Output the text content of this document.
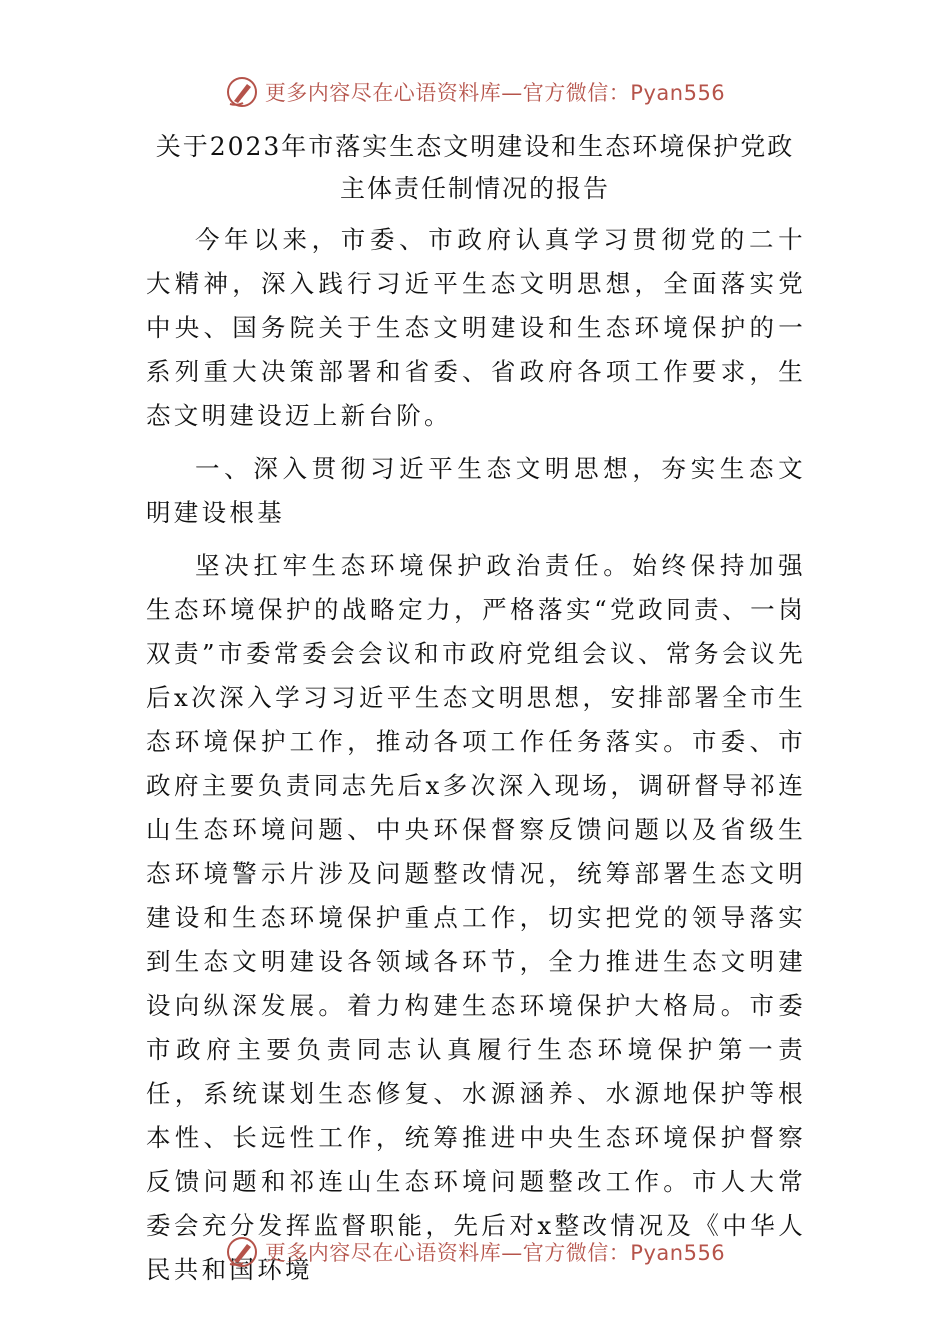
更多内容尽在心语资料库—官方微信：Pyan556
关于2023年市落实生态文明建设和生态环境保护党政主体责任制情况的报告

今年以来，市委、市政府认真学习贯彻党的二十大精神，深入践行习近平生态文明思想，全面落实党中央、国务院关于生态文明建设和生态环境保护的一系列重大决策部署和省委、省政府各项工作要求，生态文明建设迈上新台阶。

一、深入贯彻习近平生态文明思想，夯实生态文明建设根基

坚决扛牢生态环境保护政治责任。始终保持加强生态环境保护的战略定力，严格落实“党政同责、一岗双责”市委常委会会议和市政府党组会议、常务会议先后x次深入学习习近平生态文明思想，安排部署全市生态环境保护工作，推动各项工作任务落实。市委、市政府主要负责同志先后x多次深入现场，调研督导祁连山生态环境问题、中央环保督察反馈问题以及省级生态环境警示片涉及问题整改情况，统筹部署生态文明建设和生态环境保护重点工作，切实把党的领导落实到生态文明建设各领域各环节，全力推进生态文明建设向纵深发展。着力构建生态环境保护大格局。市委市政府主要负责同志认真履行生态环境保护第一责任，系统谋划生态修复、水源涵养、水源地保护等根本性、长远性工作，统筹推进中央生态环境保护督察反馈问题和祁连山生态环境问题整改工作。市人大常委会充分发挥监督职能，先后对x整改情况及《中华人民共和国环境

更多内容尽在心语资料库—官方微信：Pyan556
